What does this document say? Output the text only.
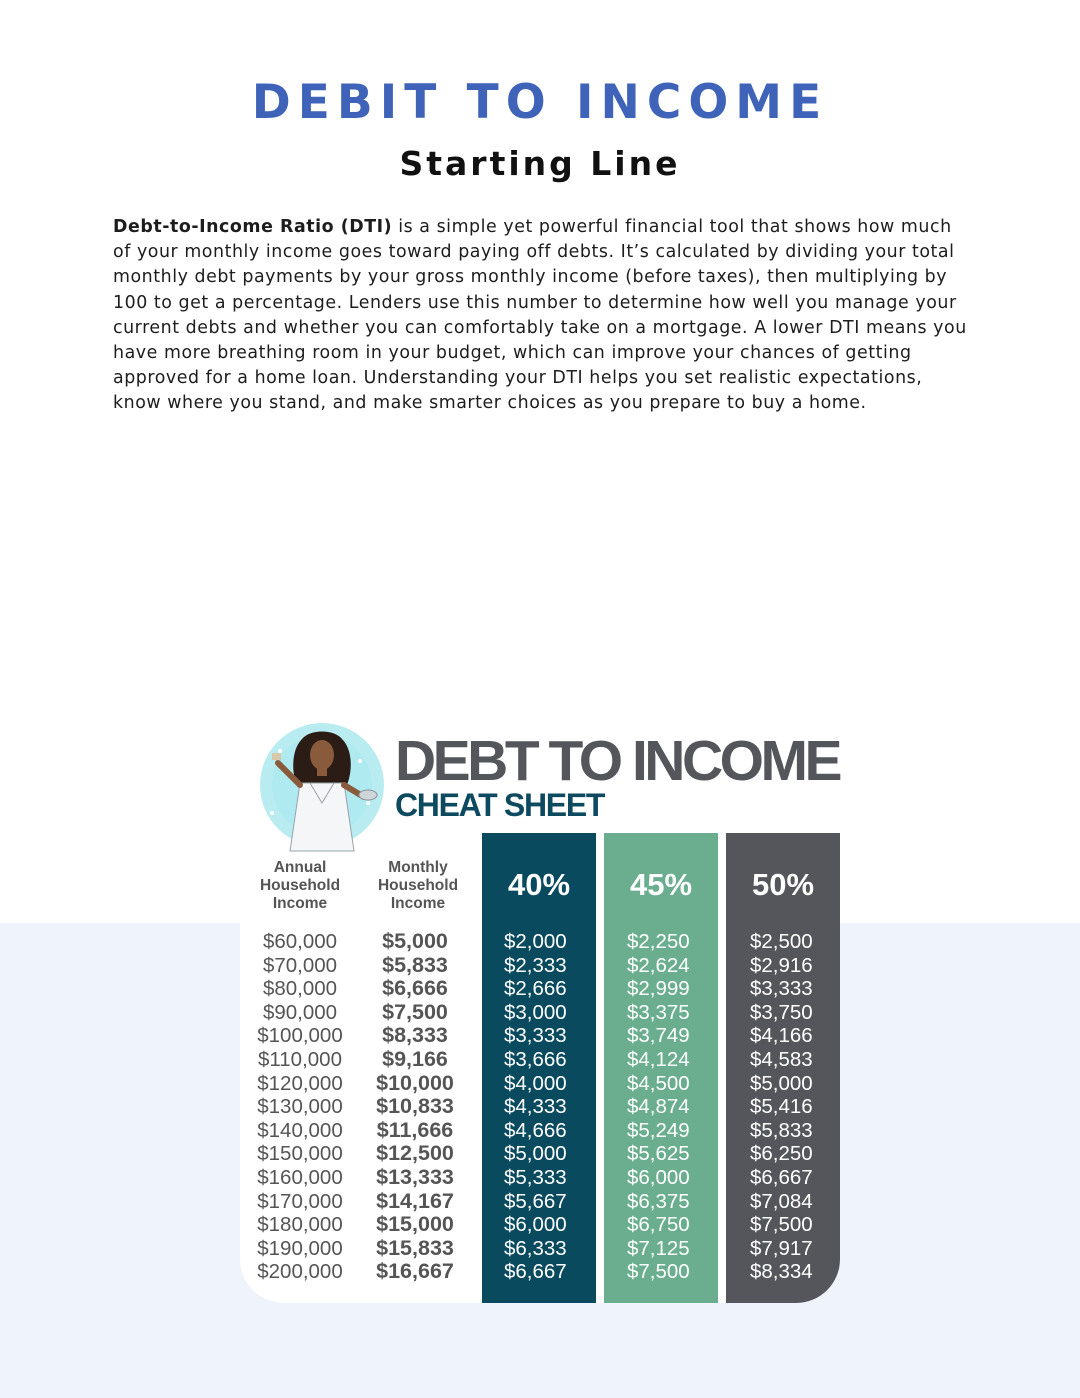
DEBIT TO INCOME
Starting Line

Debt-to-Income Ratio (DTI) is a simple yet powerful financial tool that shows how much of your monthly income goes toward paying off debts. It’s calculated by dividing your total monthly debt payments by your gross monthly income (before taxes), then multiplying by 100 to get a percentage. Lenders use this number to determine how well you manage your current debts and whether you can comfortably take on a mortgage. A lower DTI means you have more breathing room in your budget, which can improve your chances of getting approved for a home loan. Understanding your DTI helps you set realistic expectations, know where you stand, and make smarter choices as you prepare to buy a home.

DEBT TO INCOME
CHEAT SHEET
Annual Household Income
Monthly Household Income
40%	45%	50%
$60,000	$5,000	$2,000	$2,250	$2,500
$70,000	$5,833	$2,333	$2,624	$2,916
$80,000	$6,666	$2,666	$2,999	$3,333
$90,000	$7,500	$3,000	$3,375	$3,750
$100,000	$8,333	$3,333	$3,749	$4,166
$110,000	$9,166	$3,666	$4,124	$4,583
$120,000	$10,000	$4,000	$4,500	$5,000
$130,000	$10,833	$4,333	$4,874	$5,416
$140,000	$11,666	$4,666	$5,249	$5,833
$150,000	$12,500	$5,000	$5,625	$6,250
$160,000	$13,333	$5,333	$6,000	$6,667
$170,000	$14,167	$5,667	$6,375	$7,084
$180,000	$15,000	$6,000	$6,750	$7,500
$190,000	$15,833	$6,333	$7,125	$7,917
$200,000	$16,667	$6,667	$7,500	$8,334
